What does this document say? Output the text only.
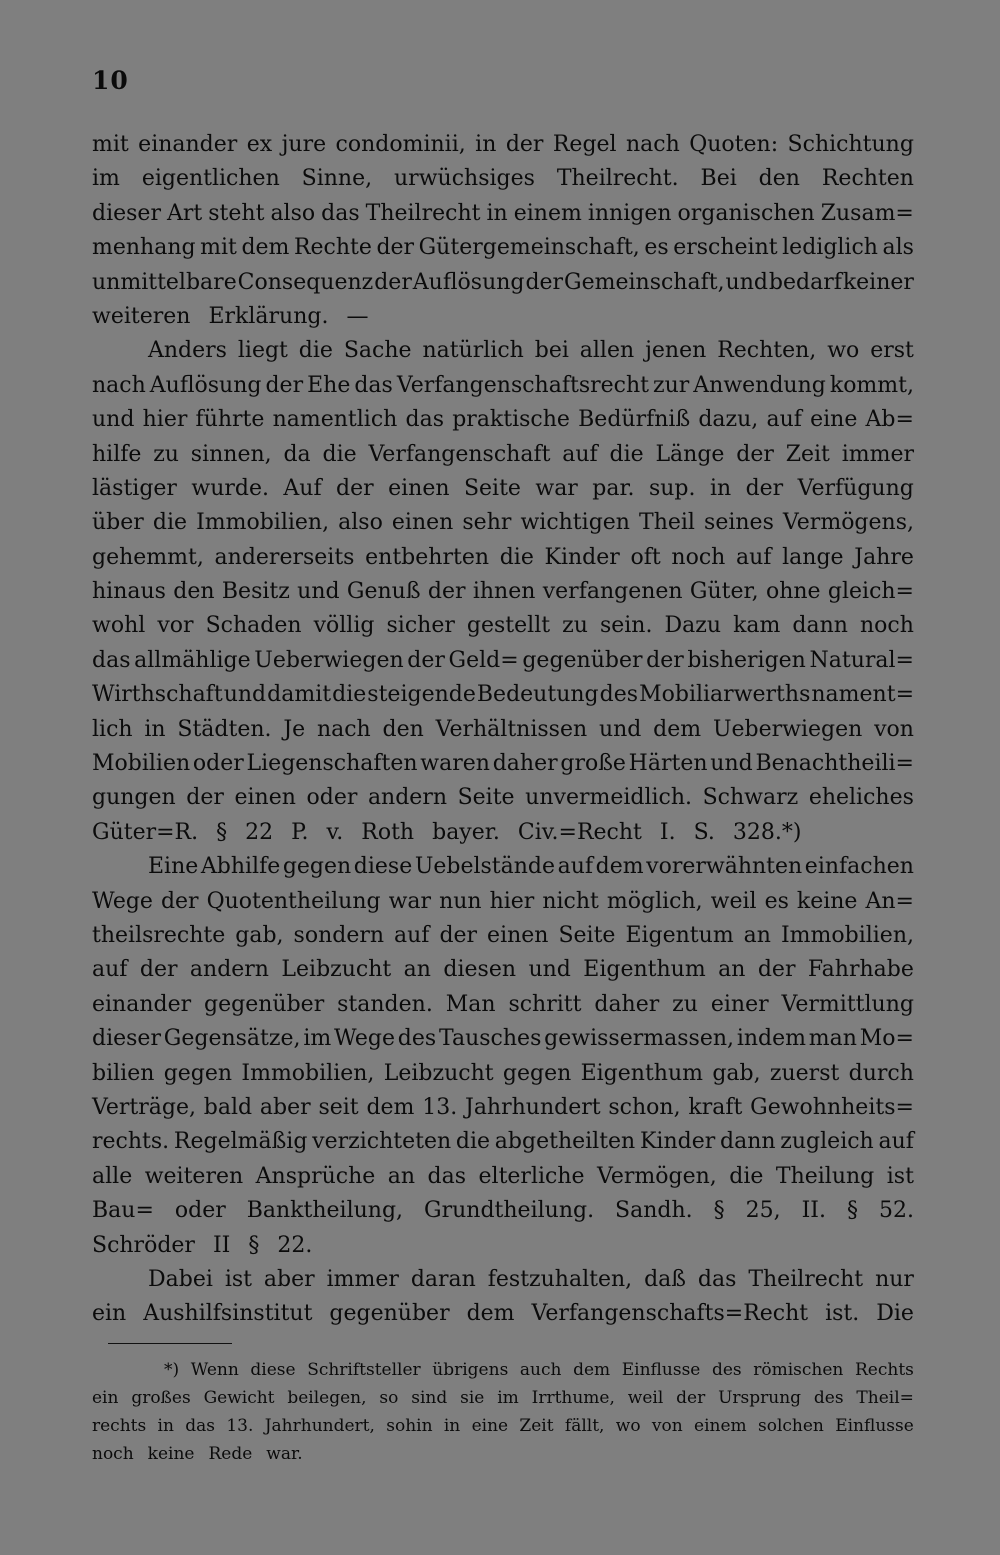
10
mit einander ex jure condominii, in der Regel nach Quoten: Schichtung
im eigentlichen Sinne, urwüchsiges Theilrecht. Bei den Rechten
dieser Art steht also das Theilrecht in einem innigen organischen Zusam=
menhang mit dem Rechte der Gütergemeinschaft, es erscheint lediglich als
unmittelbare Consequenz der Auflösung der Gemeinschaft, und bedarf keiner
weiteren Erklärung. —
Anders liegt die Sache natürlich bei allen jenen Rechten, wo erst
nach Auflösung der Ehe das Verfangenschaftsrecht zur Anwendung kommt,
und hier führte namentlich das praktische Bedürfniß dazu, auf eine Ab=
hilfe zu sinnen, da die Verfangenschaft auf die Länge der Zeit immer
lästiger wurde. Auf der einen Seite war par. sup. in der Verfügung
über die Immobilien, also einen sehr wichtigen Theil seines Vermögens,
gehemmt, andererseits entbehrten die Kinder oft noch auf lange Jahre
hinaus den Besitz und Genuß der ihnen verfangenen Güter, ohne gleich=
wohl vor Schaden völlig sicher gestellt zu sein. Dazu kam dann noch
das allmählige Ueberwiegen der Geld= gegenüber der bisherigen Natural=
Wirthschaft und damit die steigende Bedeutung des Mobiliarwerths nament=
lich in Städten. Je nach den Verhältnissen und dem Ueberwiegen von
Mobilien oder Liegenschaften waren daher große Härten und Benachtheili=
gungen der einen oder andern Seite unvermeidlich. Schwarz eheliches
Güter=R. § 22 P. v. Roth bayer. Civ.=Recht I. S. 328.*)
Eine Abhilfe gegen diese Uebelstände auf dem vorerwähnten einfachen
Wege der Quotentheilung war nun hier nicht möglich, weil es keine An=
theilsrechte gab, sondern auf der einen Seite Eigentum an Immobilien,
auf der andern Leibzucht an diesen und Eigenthum an der Fahrhabe
einander gegenüber standen. Man schritt daher zu einer Vermittlung
dieser Gegensätze, im Wege des Tausches gewissermassen, indem man Mo=
bilien gegen Immobilien, Leibzucht gegen Eigenthum gab, zuerst durch
Verträge, bald aber seit dem 13. Jahrhundert schon, kraft Gewohnheits=
rechts. Regelmäßig verzichteten die abgetheilten Kinder dann zugleich auf
alle weiteren Ansprüche an das elterliche Vermögen, die Theilung ist
Bau= oder Banktheilung, Grundtheilung. Sandh. § 25, II. § 52.
Schröder II § 22.
Dabei ist aber immer daran festzuhalten, daß das Theilrecht nur
ein Aushilfsinstitut gegenüber dem Verfangenschafts=Recht ist. Die
*) Wenn diese Schriftsteller übrigens auch dem Einflusse des römischen Rechts
ein großes Gewicht beilegen, so sind sie im Irrthume, weil der Ursprung des Theil=
rechts in das 13. Jahrhundert, sohin in eine Zeit fällt, wo von einem solchen Einflusse
noch keine Rede war.
